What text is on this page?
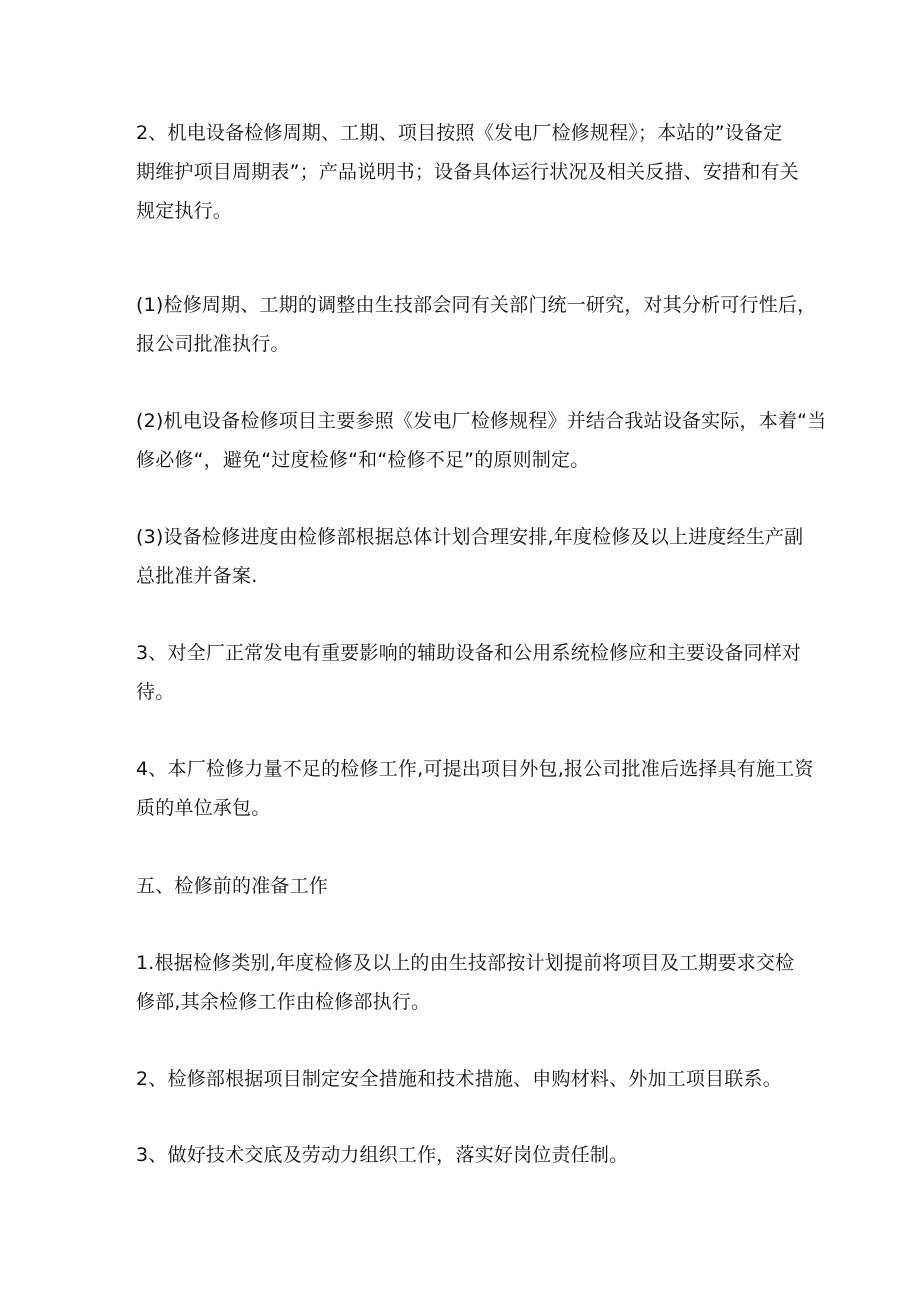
2、机电设备检修周期、工期、项目按照《发电厂检修规程》；本站的”设备定
期维护项目周期表”；产品说明书；设备具体运行状况及相关反措、安措和有关
规定执行。

(1)检修周期、工期的调整由生技部会同有关部门统一研究，对其分析可行性后，
报公司批准执行。

(2)机电设备检修项目主要参照《发电厂检修规程》并结合我站设备实际，本着“当
修必修“，避免“过度检修“和“检修不足”的原则制定。

(3)设备检修进度由检修部根据总体计划合理安排,年度检修及以上进度经生产副
总批准并备案.

3、对全厂正常发电有重要影响的辅助设备和公用系统检修应和主要设备同样对
待。

4、本厂检修力量不足的检修工作,可提出项目外包,报公司批准后选择具有施工资
质的单位承包。

五、检修前的准备工作

1.根据检修类别,年度检修及以上的由生技部按计划提前将项目及工期要求交检
修部,其余检修工作由检修部执行。

2、检修部根据项目制定安全措施和技术措施、申购材料、外加工项目联系。

3、做好技术交底及劳动力组织工作，落实好岗位责任制。
